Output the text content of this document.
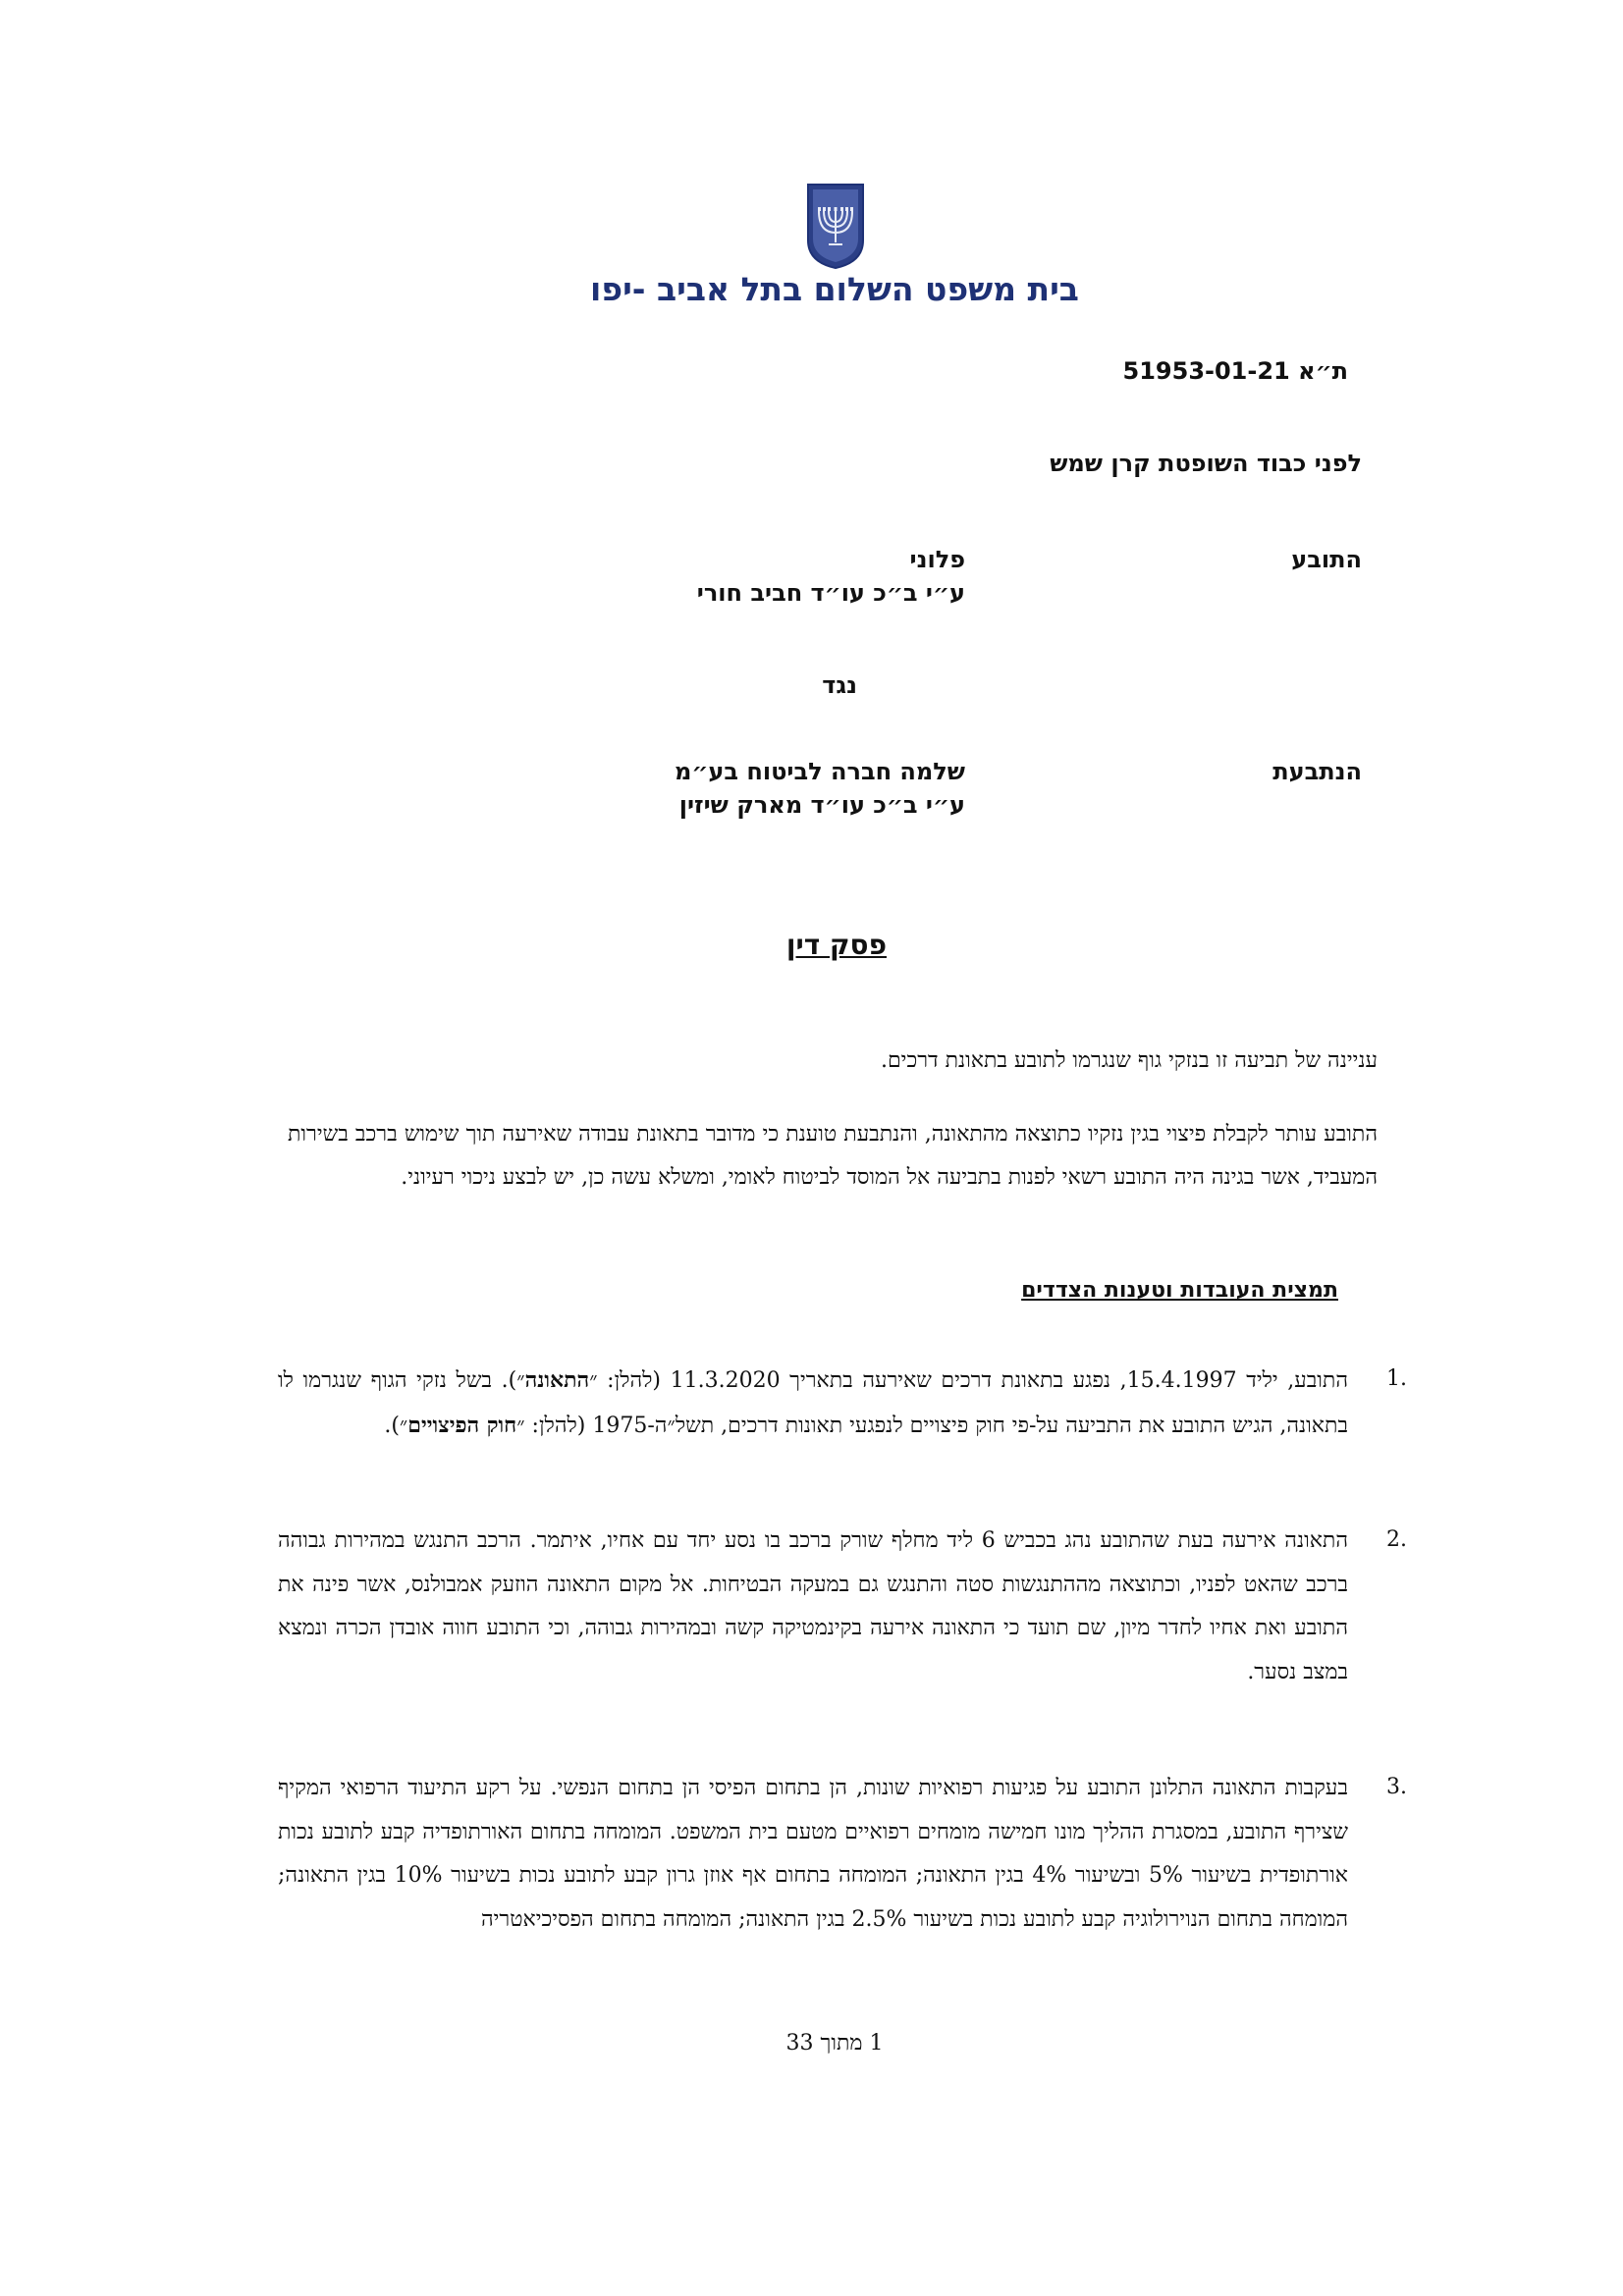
בית משפט השלום בתל אביב -יפו
ת״א 51953-01-21
לפני כבוד השופטת קרן שמש
התובע
פלוני
ע״י ב״כ עו״ד חביב חורי
נגד
הנתבעת
שלמה חברה לביטוח בע״מ
ע״י ב״כ עו״ד מארק שיזין
פסק דין
עניינה של תביעה זו בנזקי גוף שנגרמו לתובע בתאונת דרכים.
התובע עותר לקבלת פיצוי בגין נזקיו כתוצאה מהתאונה, והנתבעת טוענת כי מדובר בתאונת עבודה שאירעה תוך שימוש ברכב בשירות המעביד, אשר בגינה היה התובע רשאי לפנות בתביעה אל המוסד לביטוח לאומי, ומשלא עשה כן, יש לבצע ניכוי רעיוני.
תמצית העובדות וטענות הצדדים
.1
התובע, יליד 15.4.1997, נפגע בתאונת דרכים שאירעה בתאריך 11.3.2020 (להלן: ״התאונה״). בשל נזקי הגוף שנגרמו לו בתאונה, הגיש התובע את התביעה על-פי חוק פיצויים לנפגעי תאונות דרכים, תשל״ה-1975 (להלן: ״חוק הפיצויים״).
.2
התאונה אירעה בעת שהתובע נהג בכביש 6 ליד מחלף שורק ברכב בו נסע יחד עם אחיו, איתמר. הרכב התנגש במהירות גבוהה ברכב שהאט לפניו, וכתוצאה מההתנגשות סטה והתנגש גם במעקה הבטיחות. אל מקום התאונה הוזעק אמבולנס, אשר פינה את התובע ואת אחיו לחדר מיון, שם תועד כי התאונה אירעה בקינמטיקה קשה ובמהירות גבוהה, וכי התובע חווה אובדן הכרה ונמצא במצב נסער.
.3
בעקבות התאונה התלונן התובע על פגיעות רפואיות שונות, הן בתחום הפיסי הן בתחום הנפשי. על רקע התיעוד הרפואי המקיף שצירף התובע, במסגרת ההליך מונו חמישה מומחים רפואיים מטעם בית המשפט. המומחה בתחום האורתופדיה קבע לתובע נכות אורתופדית בשיעור 5% ובשיעור 4% בגין התאונה; המומחה בתחום אף אוזן גרון קבע לתובע נכות בשיעור 10% בגין התאונה; המומחה בתחום הנוירולוגיה קבע לתובע נכות בשיעור 2.5% בגין התאונה; המומחה בתחום הפסיכיאטריה
1 מתוך 33
